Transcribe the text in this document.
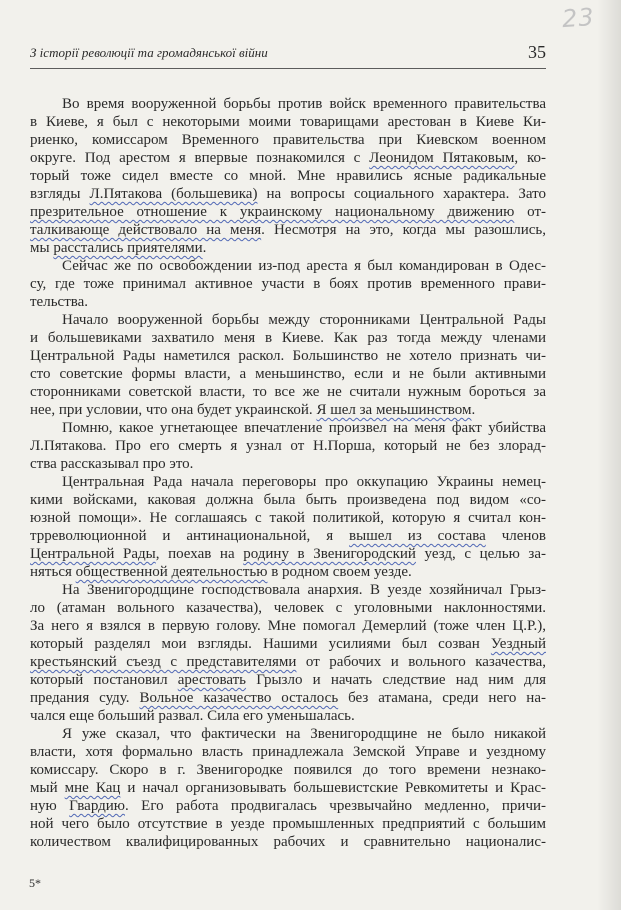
23
З історії революції та громадянської війни	35
Во время вооруженной борьбы против войск временного правительства
в Киеве, я был с некоторыми моими товарищами арестован в Киеве Ки-
риенко, комиссаром Временного правительства при Киевском военном
округе. Под арестом я впервые познакомился с Леонидом Пятаковым, ко-
торый тоже сидел вместе со мной. Мне нравились ясные радикальные
взгляды Л.Пятакова (большевика) на вопросы социального характера. Зато
презрительное отношение к украинскому национальному движению от-
талкивающе действовало на меня. Несмотря на это, когда мы разошлись,
мы расстались приятелями.
Сейчас же по освобождении из-под ареста я был командирован в Одес-
су, где тоже принимал активное участи в боях против временного прави-
тельства.
Начало вооруженной борьбы между сторонниками Центральной Рады
и большевиками захватило меня в Киеве. Как раз тогда между членами
Центральной Рады наметился раскол. Большинство не хотело признать чи-
сто советские формы власти, а меньшинство, если и не были активными
сторонниками советской власти, то все же не считали нужным бороться за
нее, при условии, что она будет украинской. Я шел за меньшинством.
Помню, какое угнетающее впечатление произвел на меня факт убийства
Л.Пятакова. Про его смерть я узнал от Н.Порша, который не без злорад-
ства рассказывал про это.
Центральная Рада начала переговоры про оккупацию Украины немец-
кими войсками, каковая должна была быть произведена под видом «со-
юзной помощи». Не соглашаясь с такой политикой, которую я считал кон-
трреволюционной и антинациональной, я вышел из состава членов
Центральной Рады, поехав на родину в Звенигородский уезд, с целью за-
няться общественной деятельностью в родном своем уезде.
На Звенигородщине господствовала анархия. В уезде хозяйничал Грыз-
ло (атаман вольного казачества), человек с уголовными наклонностями.
За него я взялся в первую голову. Мне помогал Демерлий (тоже член Ц.Р.),
который разделял мои взгляды. Нашими усилиями был созван Уездный
крестьянский съезд с представителями от рабочих и вольного казачества,
который постановил арестовать Грызло и начать следствие над ним для
предания суду. Вольное казачество осталось без атамана, среди него на-
чался еще больший развал. Сила его уменьшалась.
Я уже сказал, что фактически на Звенигородщине не было никакой
власти, хотя формально власть принадлежала Земской Управе и уездному
комиссару. Скоро в г. Звенигородке появился до того времени незнако-
мый мне Кац и начал организовывать большевистские Ревкомитеты и Крас-
ную Гвардию. Его работа продвигалась чрезвычайно медленно, причи-
ной чего было отсутствие в уезде промышленных предприятий с большим
количеством квалифицированных рабочих и сравнительно националис-
5*
